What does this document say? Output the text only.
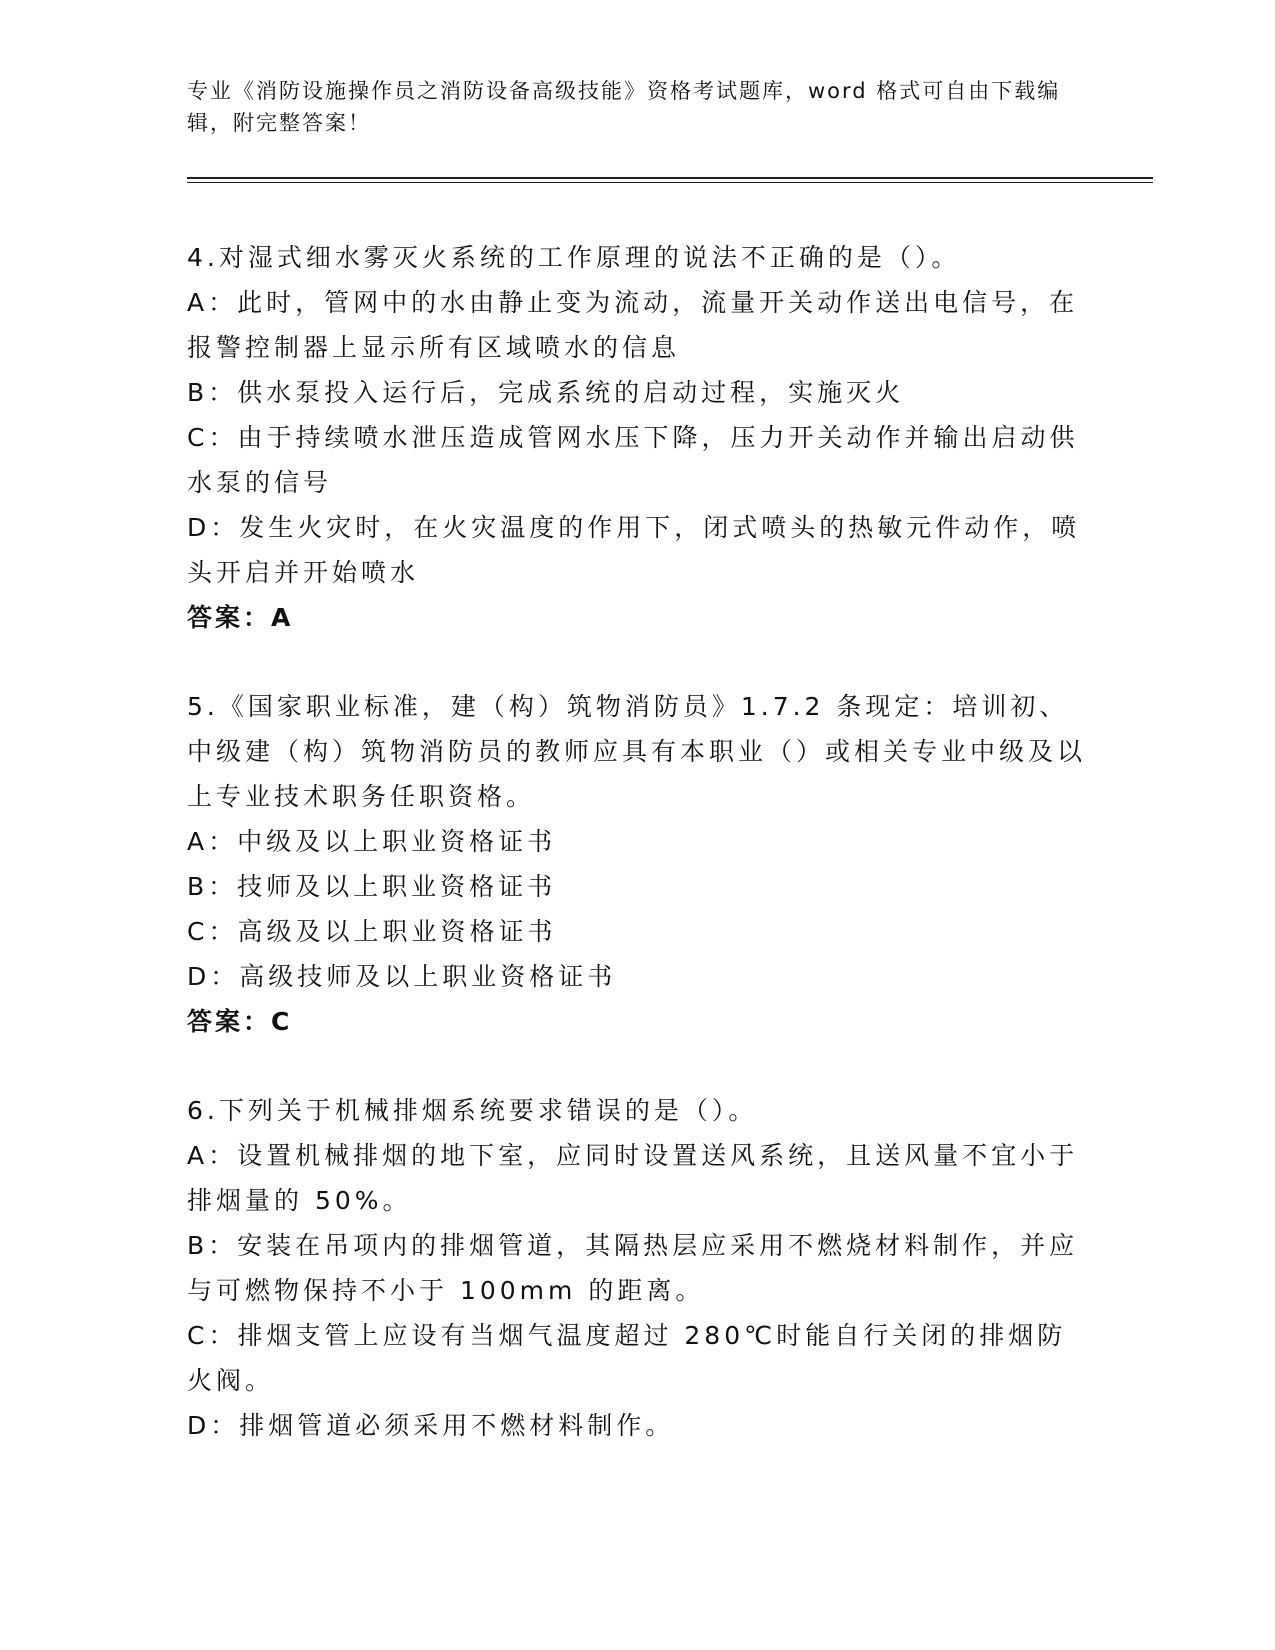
专业《消防设施操作员之消防设备高级技能》资格考试题库，word 格式可自由下载编辑，附完整答案！

4.对湿式细水雾灭火系统的工作原理的说法不正确的是（）。

A：此时，管网中的水由静止变为流动，流量开关动作送出电信号，在报警控制器上显示所有区域喷水的信息

B：供水泵投入运行后，完成系统的启动过程，实施灭火

C：由于持续喷水泄压造成管网水压下降，压力开关动作并输出启动供水泵的信号

D：发生火灾时，在火灾温度的作用下，闭式喷头的热敏元件动作，喷头开启并开始喷水

答案：A

5.《国家职业标准，建（构）筑物消防员》1.7.2 条现定：培训初、中级建（构）筑物消防员的教师应具有本职业（）或相关专业中级及以上专业技术职务任职资格。

A：中级及以上职业资格证书

B：技师及以上职业资格证书

C：高级及以上职业资格证书

D：高级技师及以上职业资格证书

答案：C

6.下列关于机械排烟系统要求错误的是（）。

A：设置机械排烟的地下室，应同时设置送风系统，且送风量不宜小于排烟量的 50%。

B：安装在吊项内的排烟管道，其隔热层应采用不燃烧材料制作，并应与可燃物保持不小于 100mm 的距离。

C：排烟支管上应设有当烟气温度超过 280℃时能自行关闭的排烟防火阀。

D：排烟管道必须采用不燃材料制作。
